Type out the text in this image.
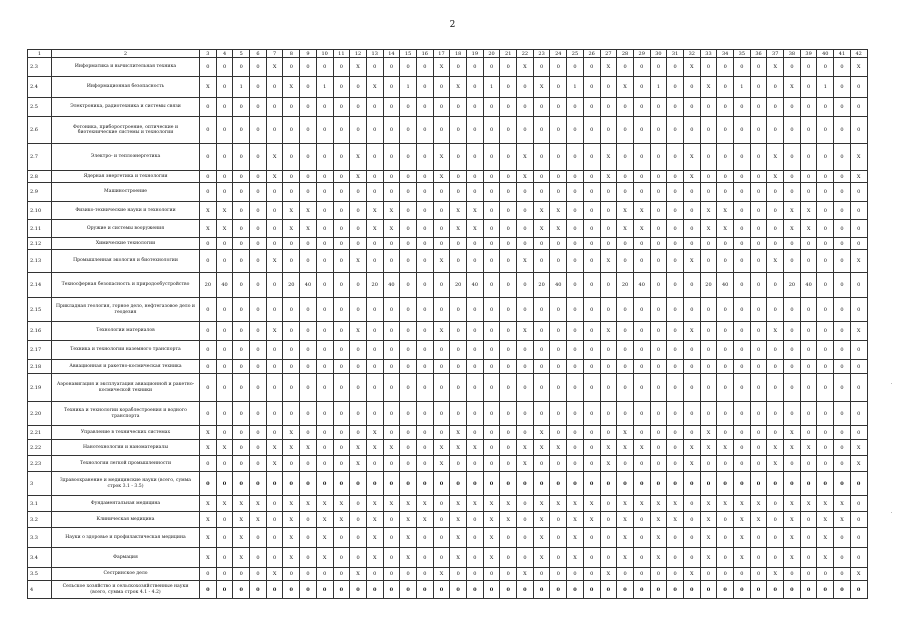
2
1	2	3	4	5	6	7	8	9	10	11	12	13	14	15	16	17	18	19	20	21	22	23	24	25	26	27	28	29	30	31	32	33	34	35	36	37	38	39	40	41	42
2.3	Информатика и вычислительная техника	0	0	0	0	X	0	0	0	0	X	0	0	0	0	X	0	0	0	0	X	0	0	0	0	X	0	0	0	0	X	0	0	0	0	X	0	0	0	0	X
2.4	Информационная безопасность	X	0	1	0	0	X	0	1	0	0	X	0	1	0	0	X	0	1	0	0	X	0	1	0	0	X	0	1	0	0	X	0	1	0	0	X	0	1	0	0
2.5	Электроника, радиотехника и системы связи	0	0	0	0	0	0	0	0	0	0	0	0	0	0	0	0	0	0	0	0	0	0	0	0	0	0	0	0	0	0	0	0	0	0	0	0	0	0	0	0
2.6	Фотоника, приборостроение, оптические и биотехнические системы и технологии	0	0	0	0	0	0	0	0	0	0	0	0	0	0	0	0	0	0	0	0	0	0	0	0	0	0	0	0	0	0	0	0	0	0	0	0	0	0	0	0
2.7	Электро- и теплоэнергетика	0	0	0	0	X	0	0	0	0	X	0	0	0	0	X	0	0	0	0	X	0	0	0	0	X	0	0	0	0	X	0	0	0	0	X	0	0	0	0	X
2.8	Ядерная энергетика и технологии	0	0	0	0	X	0	0	0	0	X	0	0	0	0	X	0	0	0	0	X	0	0	0	0	X	0	0	0	0	X	0	0	0	0	X	0	0	0	0	X
2.9	Машиностроение	0	0	0	0	0	0	0	0	0	0	0	0	0	0	0	0	0	0	0	0	0	0	0	0	0	0	0	0	0	0	0	0	0	0	0	0	0	0	0	0
2.10	Физико-технические науки и технологии	X	X	0	0	0	X	X	0	0	0	X	X	0	0	0	X	X	0	0	0	X	X	0	0	0	X	X	0	0	0	X	X	0	0	0	X	X	0	0	0
2.11	Оружие и системы вооружения	X	X	0	0	0	X	X	0	0	0	X	X	0	0	0	X	X	0	0	0	X	X	0	0	0	X	X	0	0	0	X	X	0	0	0	X	X	0	0	0
2.12	Химические технологии	0	0	0	0	0	0	0	0	0	0	0	0	0	0	0	0	0	0	0	0	0	0	0	0	0	0	0	0	0	0	0	0	0	0	0	0	0	0	0	0
2.13	Промышленная экология и биотехнологии	0	0	0	0	X	0	0	0	0	X	0	0	0	0	X	0	0	0	0	X	0	0	0	0	X	0	0	0	0	X	0	0	0	0	X	0	0	0	0	X
2.14	Техносферная безопасность и природообустройство	20	40	0	0	0	20	40	0	0	0	20	40	0	0	0	20	40	0	0	0	20	40	0	0	0	20	40	0	0	0	20	40	0	0	0	20	40	0	0	0
2.15	Прикладная геология, горное дело, нефтегазовое дело и геодезия	0	0	0	0	0	0	0	0	0	0	0	0	0	0	0	0	0	0	0	0	0	0	0	0	0	0	0	0	0	0	0	0	0	0	0	0	0	0	0	0
2.16	Технологии материалов	0	0	0	0	X	0	0	0	0	X	0	0	0	0	X	0	0	0	0	X	0	0	0	0	X	0	0	0	0	X	0	0	0	0	X	0	0	0	0	X
2.17	Техника и технологии наземного транспорта	0	0	0	0	0	0	0	0	0	0	0	0	0	0	0	0	0	0	0	0	0	0	0	0	0	0	0	0	0	0	0	0	0	0	0	0	0	0	0	0
2.18	Авиационная и ракетно-космическая техника	0	0	0	0	0	0	0	0	0	0	0	0	0	0	0	0	0	0	0	0	0	0	0	0	0	0	0	0	0	0	0	0	0	0	0	0	0	0	0	0
2.19	Аэронавигация и эксплуатация авиационной и ракетно-космической техники	0	0	0	0	0	0	0	0	0	0	0	0	0	0	0	0	0	0	0	0	0	0	0	0	0	0	0	0	0	0	0	0	0	0	0	0	0	0	0	0
2.20	Техника и технологии кораблестроения и водного транспорта	0	0	0	0	0	0	0	0	0	0	0	0	0	0	0	0	0	0	0	0	0	0	0	0	0	0	0	0	0	0	0	0	0	0	0	0	0	0	0	0
2.21	Управление в технических системах	X	0	0	0	0	X	0	0	0	0	X	0	0	0	0	X	0	0	0	0	X	0	0	0	0	X	0	0	0	0	X	0	0	0	0	X	0	0	0	0
2.22	Нанотехнологии и наноматериалы	X	X	0	0	X	X	X	0	0	X	X	X	0	0	X	X	X	0	0	X	X	X	0	0	X	X	X	0	0	X	X	X	0	0	X	X	X	0	0	X
2.23	Технологии легкой промышленности	0	0	0	0	X	0	0	0	0	X	0	0	0	0	X	0	0	0	0	X	0	0	0	0	X	0	0	0	0	X	0	0	0	0	X	0	0	0	0	X
3	Здравоохранение и медицинские науки (всего, сумма строк 3.1 - 3.5)	0	0	0	0	0	0	0	0	0	0	0	0	0	0	0	0	0	0	0	0	0	0	0	0	0	0	0	0	0	0	0	0	0	0	0	0	0	0	0	0
3.1	Фундаментальная медицина	X	X	X	X	0	X	X	X	X	0	X	X	X	X	0	X	X	X	X	0	X	X	X	X	0	X	X	X	X	0	X	X	X	X	0	X	X	X	X	0
3.2	Клиническая медицина	X	0	X	X	0	X	0	X	X	0	X	0	X	X	0	X	0	X	X	0	X	0	X	X	0	X	0	X	X	0	X	0	X	X	0	X	0	X	X	0
3.3	Науки о здоровье и профилактическая медицина	X	0	X	0	0	X	0	X	0	0	X	0	X	0	0	X	0	X	0	0	X	0	X	0	0	X	0	X	0	0	X	0	X	0	0	X	0	X	0	0
3.4	Фармация	X	0	X	0	0	X	0	X	0	0	X	0	X	0	0	X	0	X	0	0	X	0	X	0	0	X	0	X	0	0	X	0	X	0	0	X	0	X	0	0
3.5	Сестринское дело	0	0	0	0	X	0	0	0	0	X	0	0	0	0	X	0	0	0	0	X	0	0	0	0	X	0	0	0	0	X	0	0	0	0	X	0	0	0	0	X
4	Сельское хозяйство и сельскохозяйственные науки (всего, сумма строк 4.1 - 4.2)	0	0	0	0	0	0	0	0	0	0	0	0	0	0	0	0	0	0	0	0	0	0	0	0	0	0	0	0	0	0	0	0	0	0	0	0	0	0	0	0
